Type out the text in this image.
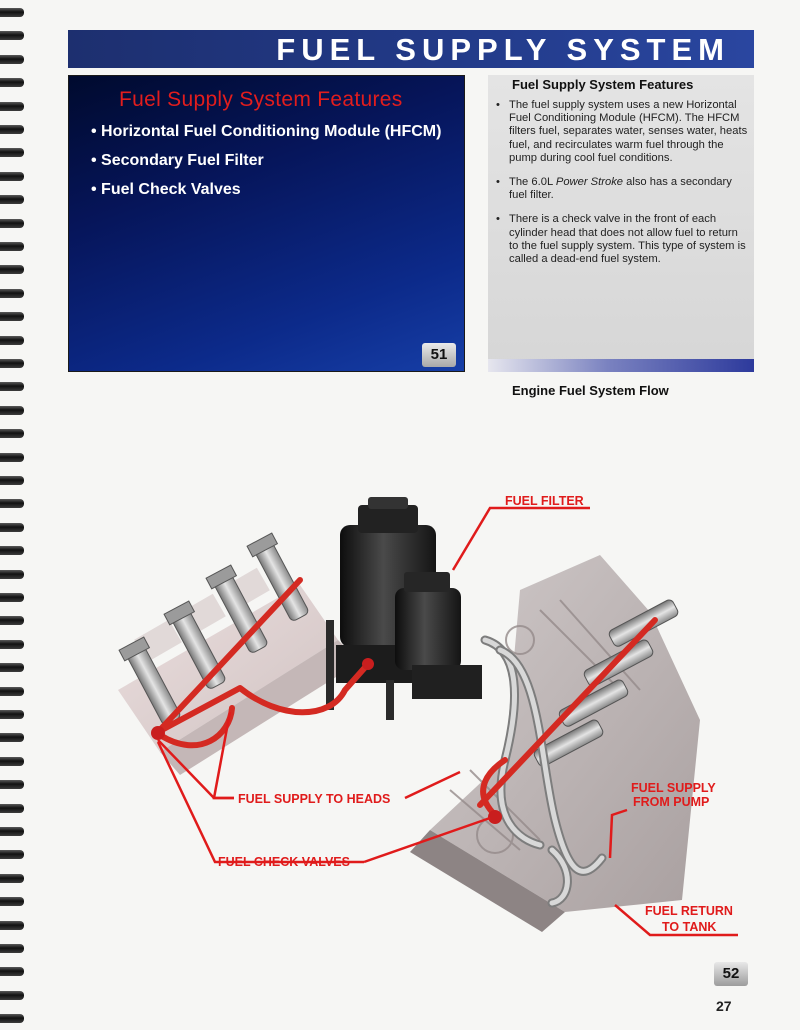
FUEL SUPPLY SYSTEM
Fuel Supply System Features
• Horizontal Fuel Conditioning Module (HFCM)
• Secondary Fuel Filter
• Fuel Check Valves
51
Fuel Supply System Features
• The fuel supply system uses a new Horizontal Fuel Conditioning Module (HFCM). The HFCM filters fuel, separates water, senses water, heats fuel, and recirculates warm fuel through the pump during cool fuel conditions.
• The 6.0L Power Stroke also has a secondary fuel filter.
• There is a check valve in the front of each cylinder head that does not allow fuel to return to the fuel supply system. This type of system is called a dead-end fuel system.
Engine Fuel System Flow
FUEL FILTER
FUEL SUPPLY TO HEADS
FUEL CHECK VALVES
FUEL SUPPLY
FROM PUMP
FUEL RETURN
TO TANK
52
27
